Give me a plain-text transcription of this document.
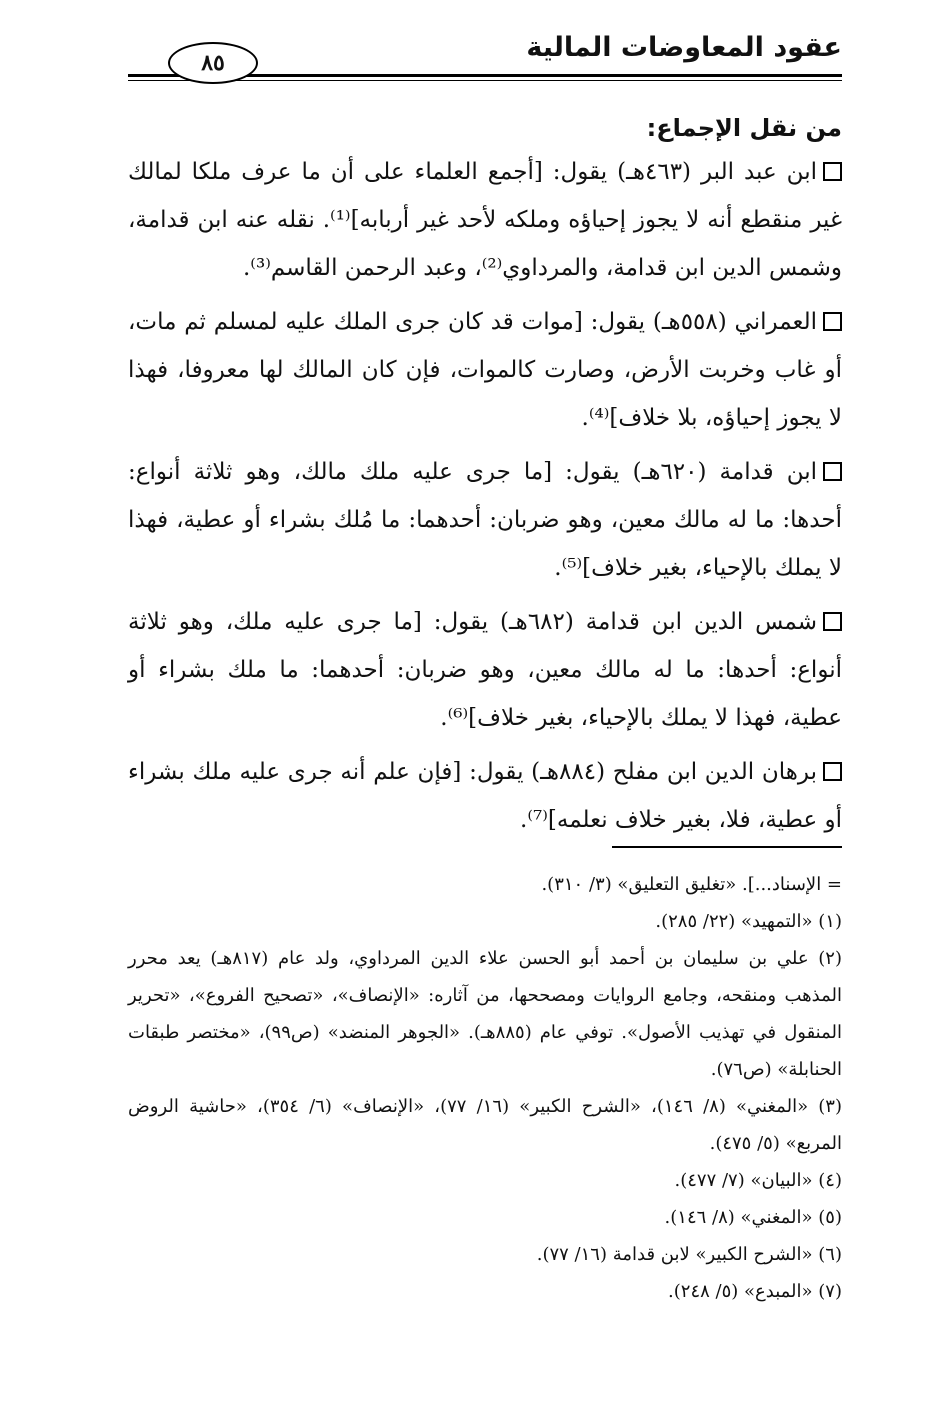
عقود المعاوضات المالية
٨٥

من نقل الإجماع:

ابن عبد البر (٤٦٣هـ) يقول: [أجمع العلماء على أن ما عرف ملكا لمالك غير منقطع أنه لا يجوز إحياؤه وملكه لأحد غير أربابه]⁽¹⁾. نقله عنه ابن قدامة، وشمس الدين ابن قدامة، والمرداوي⁽²⁾، وعبد الرحمن القاسم⁽³⁾.

العمراني (٥٥٨هـ) يقول: [موات قد كان جرى الملك عليه لمسلم ثم مات، أو غاب وخربت الأرض، وصارت كالموات، فإن كان المالك لها معروفا، فهذا لا يجوز إحياؤه، بلا خلاف]⁽⁴⁾.

ابن قدامة (٦٢٠هـ) يقول: [ما جرى عليه ملك مالك، وهو ثلاثة أنواع: أحدها: ما له مالك معين، وهو ضربان: أحدهما: ما مُلك بشراء أو عطية، فهذا لا يملك بالإحياء، بغير خلاف]⁽⁵⁾.

شمس الدين ابن قدامة (٦٨٢هـ) يقول: [ما جرى عليه ملك، وهو ثلاثة أنواع: أحدها: ما له مالك معين، وهو ضربان: أحدهما: ما ملك بشراء أو عطية، فهذا لا يملك بالإحياء، بغير خلاف]⁽⁶⁾.

برهان الدين ابن مفلح (٨٨٤هـ) يقول: [فإن علم أنه جرى عليه ملك بشراء أو عطية، فلا، بغير خلاف نعلمه]⁽⁷⁾.

= الإسناد...]. «تغليق التعليق» (٣/ ٣١٠).

(١) «التمهيد» (٢٢/ ٢٨٥).

(٢) علي بن سليمان بن أحمد أبو الحسن علاء الدين المرداوي، ولد عام (٨١٧هـ) يعد محرر المذهب ومنقحه، وجامع الروايات ومصححها، من آثاره: «الإنصاف»، «تصحيح الفروع»، «تحرير المنقول في تهذيب الأصول». توفي عام (٨٨٥هـ). «الجوهر المنضد» (ص٩٩)، «مختصر طبقات الحنابلة» (ص٧٦).

(٣) «المغني» (٨/ ١٤٦)، «الشرح الكبير» (١٦/ ٧٧)، «الإنصاف» (٦/ ٣٥٤)، «حاشية الروض المربع» (٥/ ٤٧٥).

(٤) «البيان» (٧/ ٤٧٧).

(٥) «المغني» (٨/ ١٤٦).

(٦) «الشرح الكبير» لابن قدامة (١٦/ ٧٧).

(٧) «المبدع» (٥/ ٢٤٨).
